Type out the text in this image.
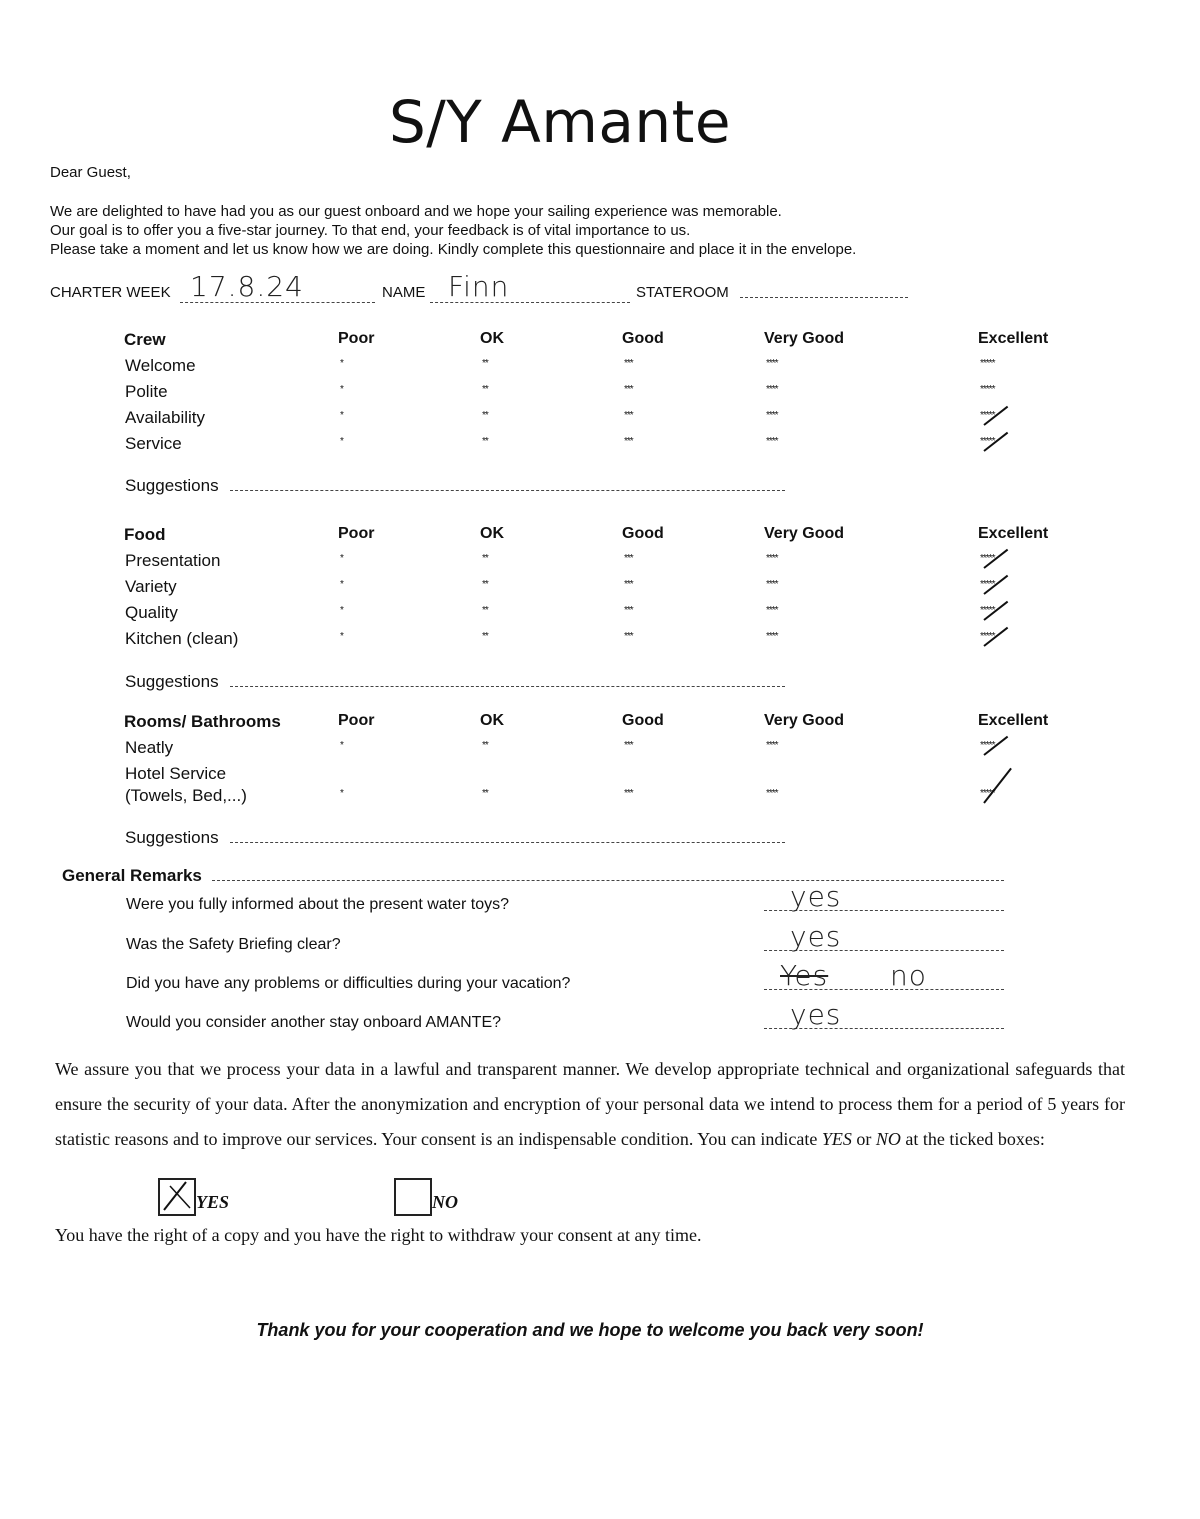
S/Y Amante
Dear Guest,
We are delighted to have had you as our guest onboard and we hope your sailing experience was memorable.
Our goal is to offer you a five-star journey. To that end, your feedback is of vital importance to us.
Please take a moment and let us know how we are doing. Kindly complete this questionnaire and place it in the envelope.
CHARTER WEEK 17.8.24	NAME Finn	STATEROOM
Crew	Poor	OK	Good	Very Good	Excellent
Welcome	*	**	***	****	*****
Polite	*	**	***	****	*****
Availability	*	**	***	****	*****
Service	*	**	***	****	*****
Suggestions
Food	Poor	OK	Good	Very Good	Excellent
Presentation	*	**	***	****	*****
Variety	*	**	***	****	*****
Quality	*	**	***	****	*****
Kitchen (clean)	*	**	***	****	*****
Suggestions
Rooms/ Bathrooms	Poor	OK	Good	Very Good	Excellent
Neatly	*	**	***	****	*****
Hotel Service
(Towels, Bed,...)	*	**	***	****	*****
Suggestions
General Remarks
Were you fully informed about the present water toys?	yes
Was the Safety Briefing clear?	yes
Did you have any problems or difficulties during your vacation?	Yes no
Would you consider another stay onboard AMANTE?	yes
We assure you that we process your data in a lawful and transparent manner. We develop appropriate technical and organizational safeguards that ensure the security of your data. After the anonymization and encryption of your personal data we intend to process them for a period of 5 years for statistic reasons and to improve our services. Your consent is an indispensable condition. You can indicate YES or NO at the ticked boxes:
YES	NO
You have the right of a copy and you have the right to withdraw your consent at any time.
Thank you for your cooperation and we hope to welcome you back very soon!
